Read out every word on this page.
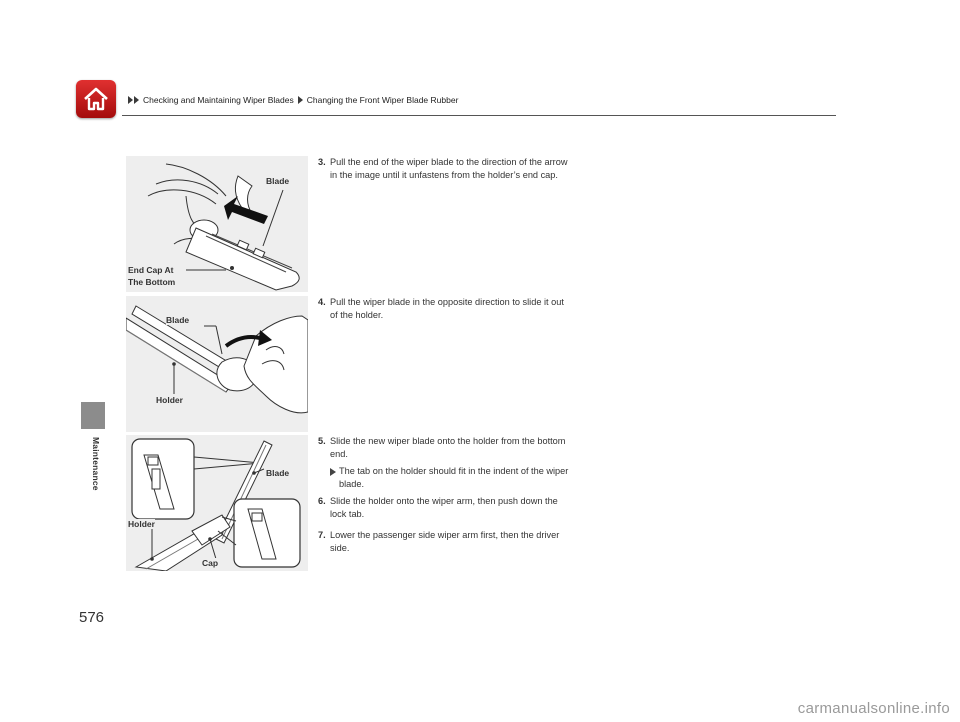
Checking and Maintaining Wiper Blades Changing the Front Wiper Blade Rubber
Maintenance
576
Blade
End Cap At
The Bottom
Blade
Holder
Blade
Holder
Cap
3. Pull the end of the wiper blade to the direction of the arrow in the image until it unfastens from the holder’s end cap.
4. Pull the wiper blade in the opposite direction to slide it out of the holder.
5. Slide the new wiper blade onto the holder from the bottom end.
The tab on the holder should fit in the indent of the wiper blade.
6. Slide the holder onto the wiper arm, then push down the lock tab.
7. Lower the passenger side wiper arm first, then the driver side.
carmanualsonline.info
